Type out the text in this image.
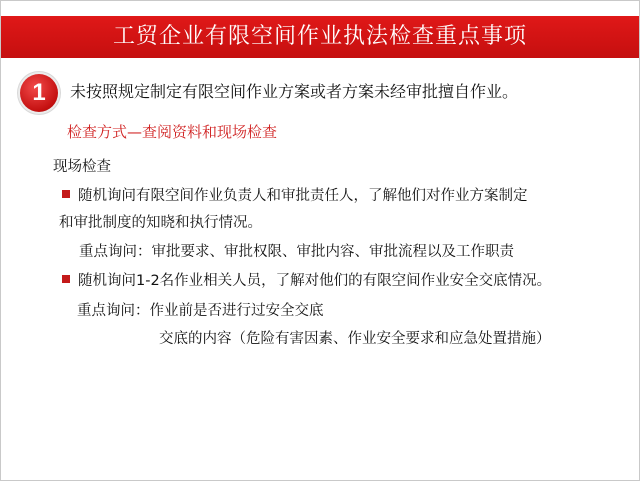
工贸企业有限空间作业执法检查重点事项
1	未按照规定制定有限空间作业方案或者方案未经审批擅自作业。
检查方式—查阅资料和现场检查
现场检查
随机询问有限空间作业负责人和审批责任人，了解他们对作业方案制定
和审批制度的知晓和执行情况。
重点询问：审批要求、审批权限、审批内容、审批流程以及工作职责
随机询问1-2名作业相关人员，了解对他们的有限空间作业安全交底情况。
重点询问：作业前是否进行过安全交底
交底的内容（危险有害因素、作业安全要求和应急处置措施）
